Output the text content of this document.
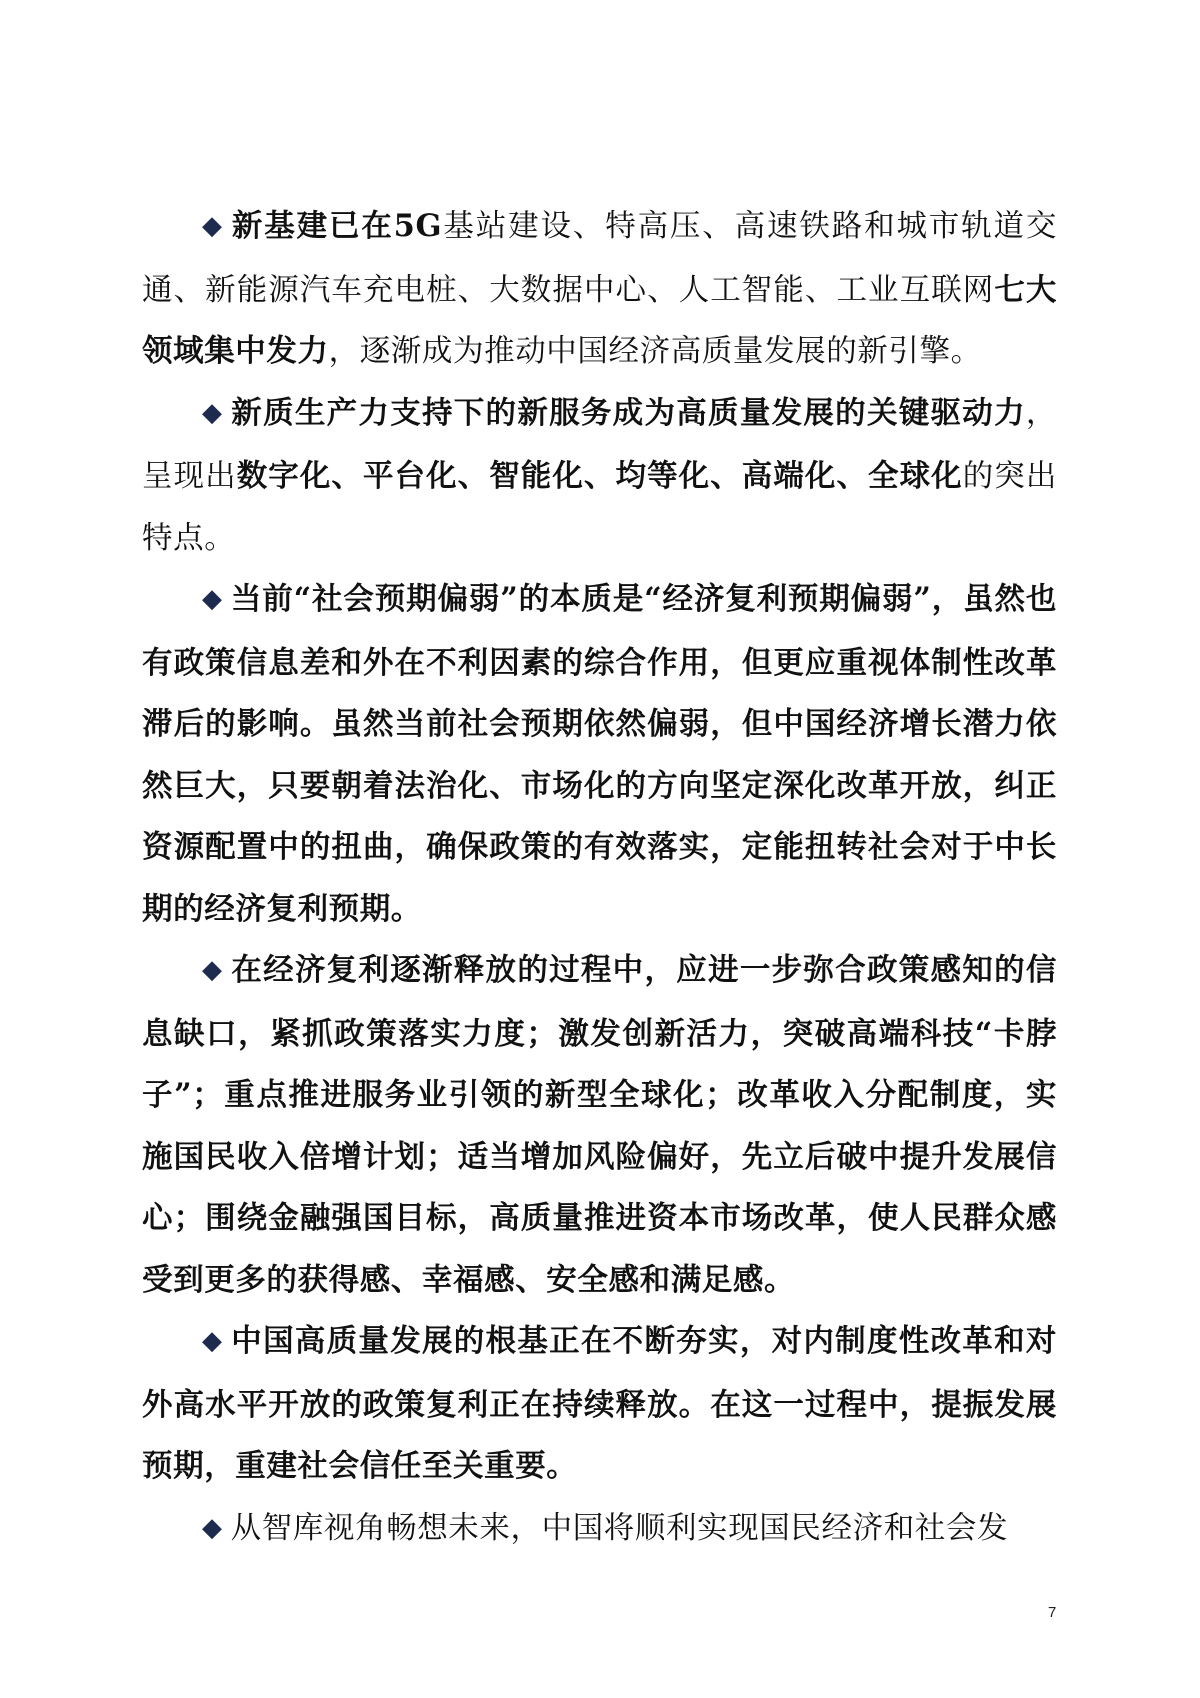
◆ 新基建已在5G基站建设、特高压、高速铁路和城市轨道交通、新能源汽车充电桩、大数据中心、人工智能、工业互联网七大领域集中发力，逐渐成为推动中国经济高质量发展的新引擎。

◆ 新质生产力支持下的新服务成为高质量发展的关键驱动力，呈现出数字化、平台化、智能化、均等化、高端化、全球化的突出特点。

◆ 当前“社会预期偏弱”的本质是“经济复利预期偏弱”，虽然也有政策信息差和外在不利因素的综合作用，但更应重视体制性改革滞后的影响。虽然当前社会预期依然偏弱，但中国经济增长潜力依然巨大，只要朝着法治化、市场化的方向坚定深化改革开放，纠正资源配置中的扭曲，确保政策的有效落实，定能扭转社会对于中长期的经济复利预期。

◆ 在经济复利逐渐释放的过程中，应进一步弥合政策感知的信息缺口，紧抓政策落实力度；激发创新活力，突破高端科技“卡脖子”；重点推进服务业引领的新型全球化；改革收入分配制度，实施国民收入倍增计划；适当增加风险偏好，先立后破中提升发展信心；围绕金融强国目标，高质量推进资本市场改革，使人民群众感受到更多的获得感、幸福感、安全感和满足感。

◆ 中国高质量发展的根基正在不断夯实，对内制度性改革和对外高水平开放的政策复利正在持续释放。在这一过程中，提振发展预期，重建社会信任至关重要。

◆ 从智库视角畅想未来，中国将顺利实现国民经济和社会发

7
